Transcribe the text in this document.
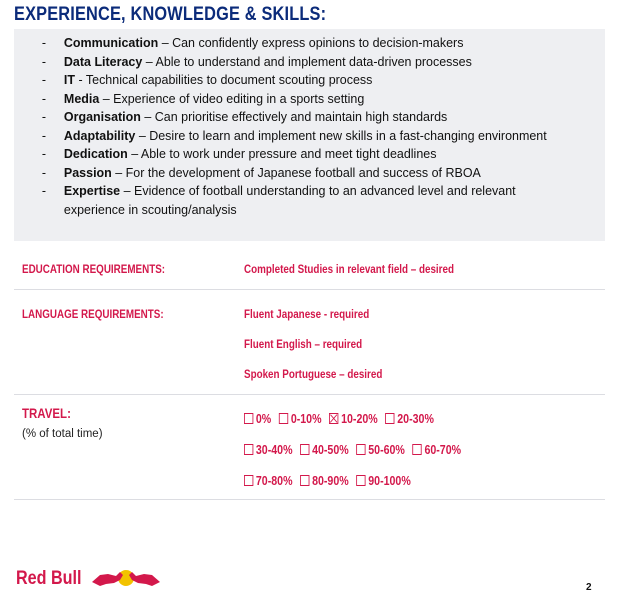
EXPERIENCE, KNOWLEDGE & SKILLS:
- Communication – Can confidently express opinions to decision-makers
- Data Literacy – Able to understand and implement data-driven processes
- IT - Technical capabilities to document scouting process
- Media – Experience of video editing in a sports setting
- Organisation – Can prioritise effectively and maintain high standards
- Adaptability – Desire to learn and implement new skills in a fast-changing environment
- Dedication – Able to work under pressure and meet tight deadlines
- Passion – For the development of Japanese football and success of RBOA
- Expertise – Evidence of football understanding to an advanced level and relevant experience in scouting/analysis
EDUCATION REQUIREMENTS:	Completed Studies in relevant field – desired
LANGUAGE REQUIREMENTS:	Fluent Japanese - required
Fluent English – required
Spoken Portuguese – desired
TRAVEL:
(% of total time)
0% 0-10% 10-20% 20-30%
30-40% 40-50% 50-60% 60-70%
70-80% 80-90% 90-100%
Red Bull	2
